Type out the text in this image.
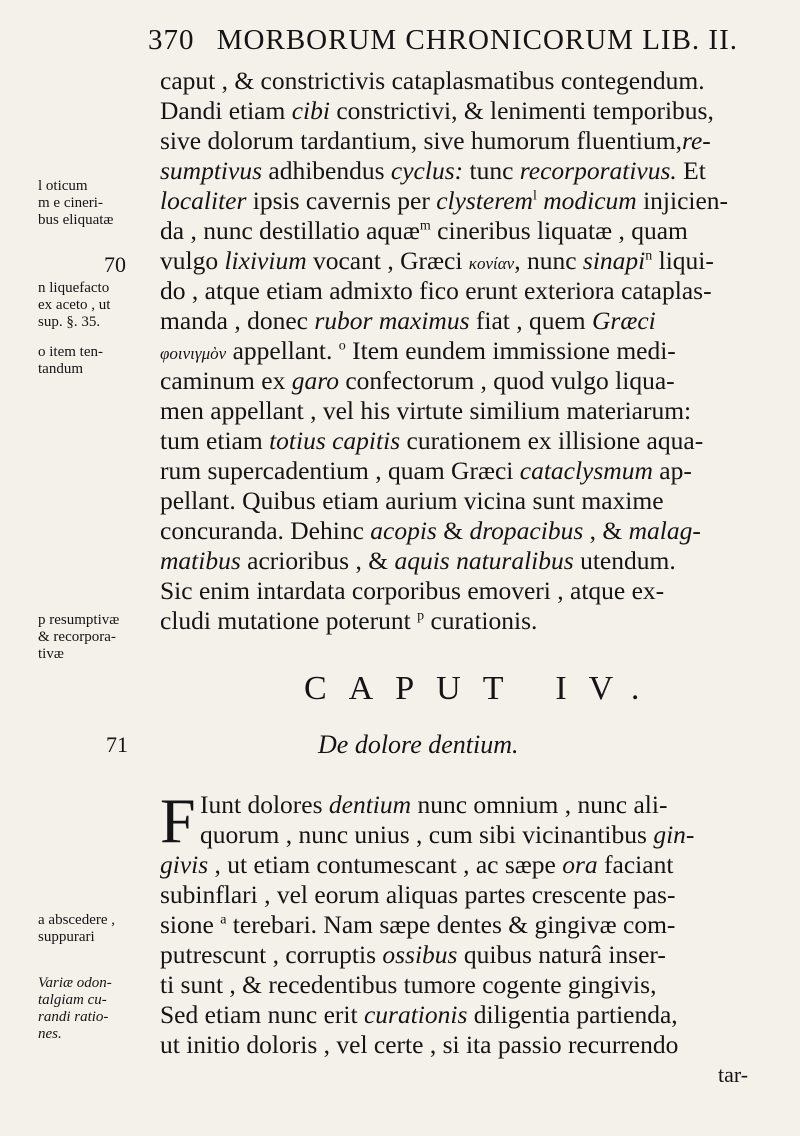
370 MORBORUM CHRONICORUM LIB. II.
caput , & constrictivis cataplasmatibus contegendum.
Dandi etiam cibi constrictivi, & lenimenti temporibus,
sive dolorum tardantium, sive humorum fluentium,re-
sumptivus adhibendus cyclus: tunc recorporativus. Et
localiter ipsis cavernis per clysterem$^l$ modicum injicien-
da , nunc destillatio aquæ$^m$ cineribus liquatæ , quam
vulgo lixivium vocant , Græci κονίαν, nunc sinapi$^n$ liqui-
do , atque etiam admixto fico erunt exteriora cataplas-
manda , donec rubor maximus fiat , quem Græci
φοινιγμὸν appellant. $^o$ Item eundem immissione medi-
caminum ex garo confectorum , quod vulgo liqua-
men appellant , vel his virtute similium materiarum:
tum etiam totius capitis curationem ex illisione aqua-
rum supercadentium , quam Græci cataclysmum ap-
pellant. Quibus etiam aurium vicina sunt maxime
concuranda. Dehinc acopis & dropacibus , & malag-
matibus acrioribus , & aquis naturalibus utendum.
Sic enim intardata corporibus emoveri , atque ex-
cludi mutatione poterunt $^p$ curationis.
l oticum
m e cineri-
bus eliquatæ
70
n liquefacto
ex aceto , ut
sup. §. 35.
o item ten-
tandum
p resumptivæ
& recorpora-
tivæ
CAPUT IV.
71	De dolore dentium.
F Iunt dolores dentium nunc omnium , nunc ali-
quorum , nunc unius , cum sibi vicinantibus gin-
givis , ut etiam contumescant , ac sæpe ora faciant
subinflari , vel eorum aliquas partes crescente pas-
sione $^a$ terebari. Nam sæpe dentes & gingivæ com-
putrescunt , corruptis ossibus quibus naturâ inser-
ti sunt , & recedentibus tumore cogente gingivis,
Sed etiam nunc erit curationis diligentia partienda,
ut initio doloris , vel certe , si ita passio recurrendo
a abscedere ,
suppurari
Variæ odon-
talgiam cu-
randi ratio-
nes.
tar-
